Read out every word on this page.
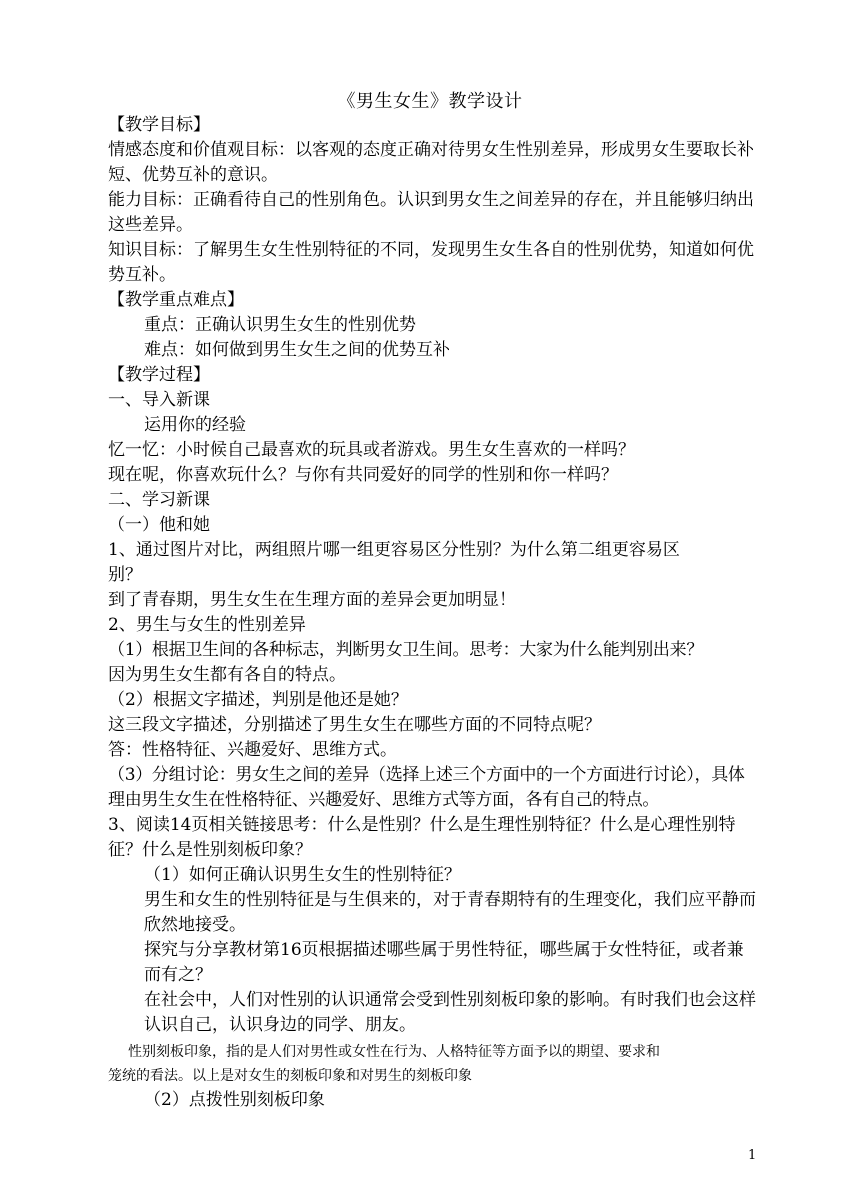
《男生女生》教学设计

【教学目标】

情感态度和价值观目标：以客观的态度正确对待男女生性别差异，形成男女生要取长补短、优势互补的意识。

能力目标：正确看待自己的性别角色。认识到男女生之间差异的存在，并且能够归纳出这些差异。

知识目标：了解男生女生性别特征的不同，发现男生女生各自的性别优势，知道如何优势互补。

【教学重点难点】

重点：正确认识男生女生的性别优势

难点：如何做到男生女生之间的优势互补

【教学过程】

一、导入新课

运用你的经验

忆一忆：小时候自己最喜欢的玩具或者游戏。男生女生喜欢的一样吗？

现在呢，你喜欢玩什么？与你有共同爱好的同学的性别和你一样吗？

二、学习新课

（一）他和她

1、通过图片对比，两组照片哪一组更容易区分性别？为什么第二组更容易区

别？

到了青春期，男生女生在生理方面的差异会更加明显！

2、男生与女生的性别差异

（1）根据卫生间的各种标志，判断男女卫生间。思考：大家为什么能判别出来？

因为男生女生都有各自的特点。

（2）根据文字描述，判别是他还是她？

这三段文字描述，分别描述了男生女生在哪些方面的不同特点呢？

答：性格特征、兴趣爱好、思维方式。

（3）分组讨论：男女生之间的差异（选择上述三个方面中的一个方面进行讨论），具体理由男生女生在性格特征、兴趣爱好、思维方式等方面，各有自己的特点。

3、阅读14页相关链接思考：什么是性别？什么是生理性别特征？什么是心理性别特征？什么是性别刻板印象？

（1）如何正确认识男生女生的性别特征？

男生和女生的性别特征是与生俱来的，对于青春期特有的生理变化，我们应平静而欣然地接受。

探究与分享教材第16页根据描述哪些属于男性特征，哪些属于女性特征，或者兼而有之？

在社会中，人们对性别的认识通常会受到性别刻板印象的影响。有时我们也会这样认识自己，认识身边的同学、朋友。

性别刻板印象，指的是人们对男性或女性在行为、人格特征等方面予以的期望、要求和

笼统的看法。以上是对女生的刻板印象和对男生的刻板印象

（2）点拨性别刻板印象

1
